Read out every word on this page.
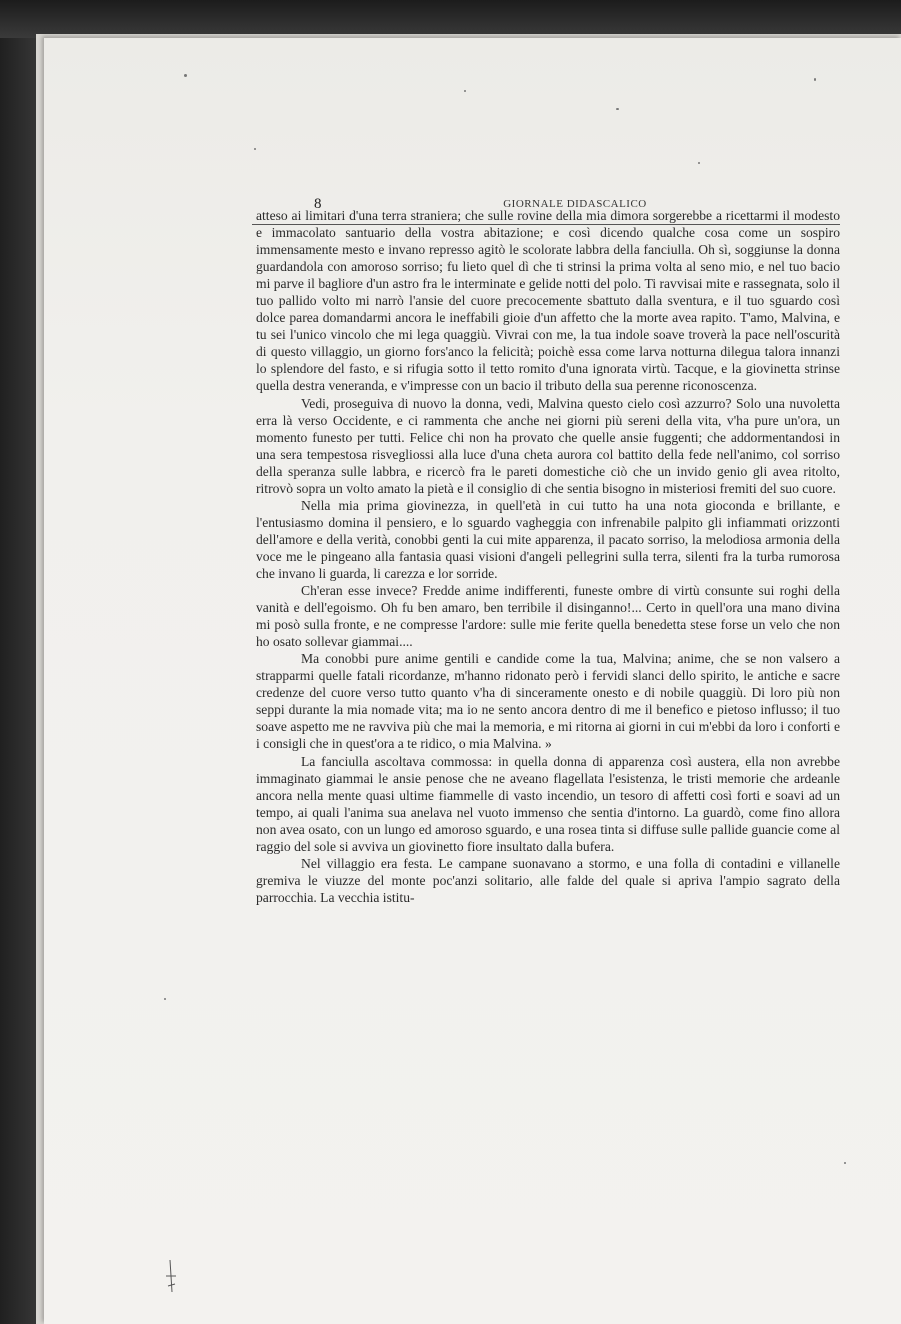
8	GIORNALE DIDASCALICO

atteso ai limitari d'una terra straniera; che sulle rovine della mia dimora sorgerebbe a ricettarmi il modesto e immacolato santuario della vostra abitazione; e così dicendo qualche cosa come un sospiro immensamente mesto e invano represso agitò le scolorate labbra della fanciulla. Oh sì, soggiunse la donna guardandola con amoroso sorriso; fu lieto quel dì che ti strinsi la prima volta al seno mio, e nel tuo bacio mi parve il bagliore d'un astro fra le interminate e gelide notti del polo. Ti ravvisai mite e rassegnata, solo il tuo pallido volto mi narrò l'ansie del cuore precocemente sbattuto dalla sventura, e il tuo sguardo così dolce parea domandarmi ancora le ineffabili gioie d'un affetto che la morte avea rapito. T'amo, Malvina, e tu sei l'unico vincolo che mi lega quaggiù. Vivrai con me, la tua indole soave troverà la pace nell'oscurità di questo villaggio, un giorno fors'anco la felicità; poichè essa come larva notturna dilegua talora innanzi lo splendore del fasto, e si rifugia sotto il tetto romito d'una ignorata virtù. Tacque, e la giovinetta strinse quella destra veneranda, e v'impresse con un bacio il tributo della sua perenne riconoscenza.

Vedi, proseguiva di nuovo la donna, vedi, Malvina questo cielo così azzurro? Solo una nuvoletta erra là verso Occidente, e ci rammenta che anche nei giorni più sereni della vita, v'ha pure un'ora, un momento funesto per tutti. Felice chi non ha provato che quelle ansie fuggenti; che addormentandosi in una sera tempestosa risvegliossi alla luce d'una cheta aurora col battito della fede nell'animo, col sorriso della speranza sulle labbra, e ricercò fra le pareti domestiche ciò che un invido genio gli avea ritolto, ritrovò sopra un volto amato la pietà e il consiglio di che sentia bisogno in misteriosi fremiti del suo cuore.

Nella mia prima giovinezza, in quell'età in cui tutto ha una nota gioconda e brillante, e l'entusiasmo domina il pensiero, e lo sguardo vagheggia con infrenabile palpito gli infiammati orizzonti dell'amore e della verità, conobbi genti la cui mite apparenza, il pacato sorriso, la melodiosa armonia della voce me le pingeano alla fantasia quasi visioni d'angeli pellegrini sulla terra, silenti fra la turba rumorosa che invano li guarda, li carezza e lor sorride.

Ch'eran esse invece? Fredde anime indifferenti, funeste ombre di virtù consunte sui roghi della vanità e dell'egoismo. Oh fu ben amaro, ben terribile il disinganno!... Certo in quell'ora una mano divina mi posò sulla fronte, e ne compresse l'ardore: sulle mie ferite quella benedetta stese forse un velo che non ho osato sollevar giammai....

Ma conobbi pure anime gentili e candide come la tua, Malvina; anime, che se non valsero a strapparmi quelle fatali ricordanze, m'hanno ridonato però i fervidi slanci dello spirito, le antiche e sacre credenze del cuore verso tutto quanto v'ha di sinceramente onesto e di nobile quaggiù. Di loro più non seppi durante la mia nomade vita; ma io ne sento ancora dentro di me il benefico e pietoso influsso; il tuo soave aspetto me ne ravviva più che mai la memoria, e mi ritorna ai giorni in cui m'ebbi da loro i conforti e i consigli che in quest'ora a te ridico, o mia Malvina. »

La fanciulla ascoltava commossa: in quella donna di apparenza così austera, ella non avrebbe immaginato giammai le ansie penose che ne aveano flagellata l'esistenza, le tristi memorie che ardeanle ancora nella mente quasi ultime fiammelle di vasto incendio, un tesoro di affetti così forti e soavi ad un tempo, ai quali l'anima sua anelava nel vuoto immenso che sentia d'intorno. La guardò, come fino allora non avea osato, con un lungo ed amoroso sguardo, e una rosea tinta si diffuse sulle pallide guancie come al raggio del sole si avviva un giovinetto fiore insultato dalla bufera.

Nel villaggio era festa. Le campane suonavano a stormo, e una folla di contadini e villanelle gremiva le viuzze del monte poc'anzi solitario, alle falde del quale si apriva l'ampio sagrato della parrocchia. La vecchia istitu-
